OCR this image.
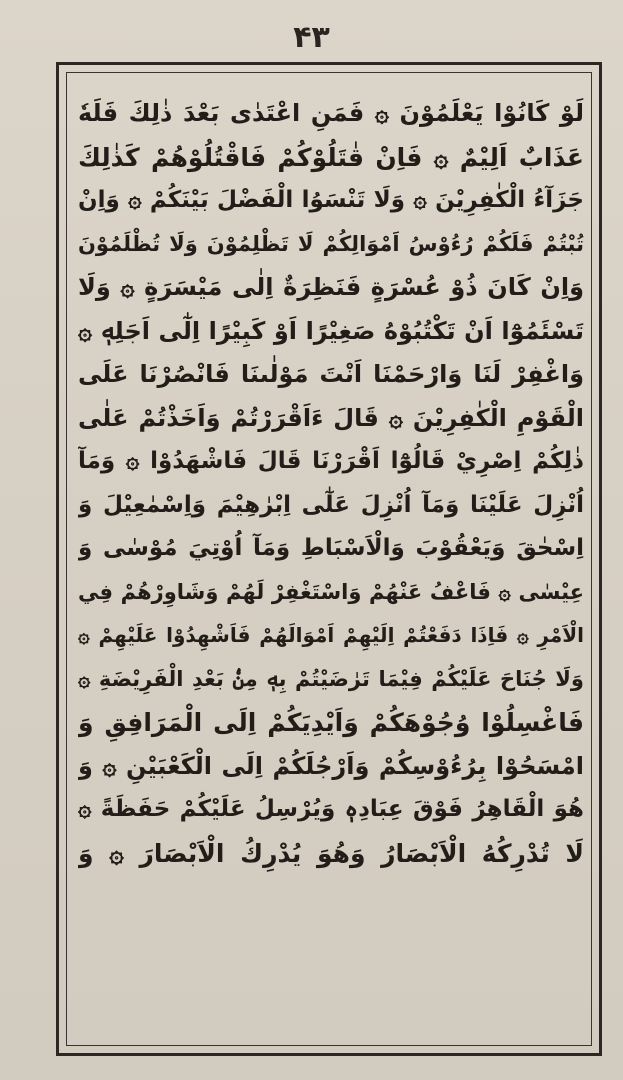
۴۳
لَوْ كَانُوْا يَعْلَمُوْنَ ۞ فَمَنِ اعْتَدٰى بَعْدَ ذٰلِكَ فَلَهٗ
عَذَابٌ اَلِيْمٌ ۞ فَاِنْ قٰتَلُوْكُمْ فَاقْتُلُوْهُمْ كَذٰلِكَ
جَزَآءُ الْكٰفِرِيْنَ ۞ وَلَا تَنْسَوُا الْفَضْلَ بَيْنَكُمْ ۞ وَاِنْ
تُبْتُمْ فَلَكُمْ رُءُوْسُ اَمْوَالِكُمْ لَا تَظْلِمُوْنَ وَلَا تُظْلَمُوْنَ
وَاِنْ كَانَ ذُوْ عُسْرَةٍ فَنَظِرَةٌ اِلٰى مَيْسَرَةٍ ۞ وَلَا
تَسْئَمُوْٓا اَنْ تَكْتُبُوْهُ صَغِيْرًا اَوْ كَبِيْرًا اِلٰٓى اَجَلِهٖ ۞
وَاغْفِرْ لَنَا وَارْحَمْنَا اَنْتَ مَوْلٰىنَا فَانْصُرْنَا عَلَى
الْقَوْمِ الْكٰفِرِيْنَ ۞ قَالَ ءَاَقْرَرْتُمْ وَاَخَذْتُمْ عَلٰى
ذٰلِكُمْ اِصْرِيْ قَالُوْٓا اَقْرَرْنَا قَالَ فَاشْهَدُوْا ۞ وَمَآ
اُنْزِلَ عَلَيْنَا وَمَآ اُنْزِلَ عَلٰٓى اِبْرٰهِيْمَ وَاِسْمٰعِيْلَ وَ
اِسْحٰقَ وَيَعْقُوْبَ وَالْاَسْبَاطِ وَمَآ اُوْتِيَ مُوْسٰى وَ
عِيْسٰى ۞ فَاعْفُ عَنْهُمْ وَاسْتَغْفِرْ لَهُمْ وَشَاوِرْهُمْ فِي
الْاَمْرِ ۞ فَاِذَا دَفَعْتُمْ اِلَيْهِمْ اَمْوَالَهُمْ فَاَشْهِدُوْا عَلَيْهِمْ ۞
وَلَا جُنَاحَ عَلَيْكُمْ فِيْمَا تَرٰضَيْتُمْ بِهٖ مِنْۢ بَعْدِ الْفَرِيْضَةِ ۞
فَاغْسِلُوْا وُجُوْهَكُمْ وَاَيْدِيَكُمْ اِلَى الْمَرَافِقِ وَ
امْسَحُوْا بِرُءُوْسِكُمْ وَاَرْجُلَكُمْ اِلَى الْكَعْبَيْنِ ۞ وَ
هُوَ الْقَاهِرُ فَوْقَ عِبَادِهٖ وَيُرْسِلُ عَلَيْكُمْ حَفَظَةً ۞
لَا تُدْرِكُهُ الْاَبْصَارُ وَهُوَ يُدْرِكُ الْاَبْصَارَ ۞ وَ
